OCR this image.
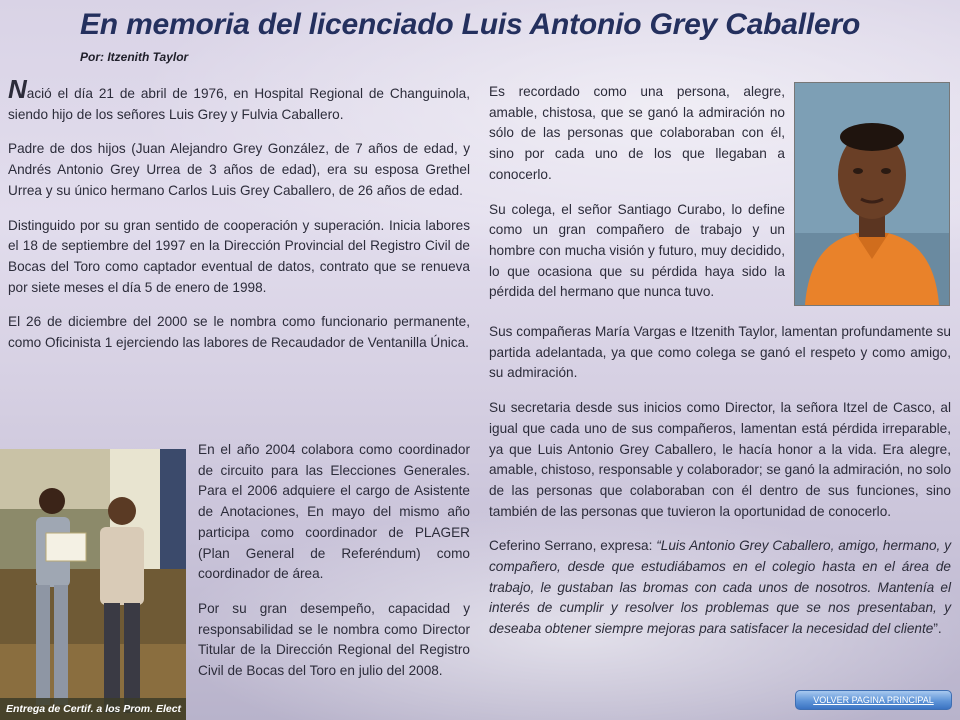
En memoria del licenciado Luis Antonio Grey Caballero
Por: Itzenith Taylor

Nació el día 21 de abril de 1976, en Hospital Regional de Changuinola, siendo hijo de los señores Luis Grey y Fulvia Caballero.

Padre de dos hijos (Juan Alejandro Grey González, de 7 años de edad, y Andrés Antonio Grey Urrea de 3 años de edad), era su esposa Grethel Urrea y su único hermano Carlos Luis Grey Caballero, de 26 años de edad.

Distinguido por su gran sentido de cooperación y superación. Inicia labores el 18 de septiembre del 1997 en la Dirección Provincial del Registro Civil de Bocas del Toro como captador eventual de datos, contrato que se renueva por siete meses el día 5 de enero de 1998.

El 26 de diciembre del 2000 se le nombra como funcionario permanente, como Oficinista 1 ejerciendo las labores de Recaudador de Ventanilla Única.

Entrega de Certif. a los Prom. Elect

En el año 2004 colabora como coordinador de circuito para las Elecciones Generales. Para el 2006 adquiere el cargo de Asistente de Anotaciones, En mayo del mismo año participa como coordinador de PLAGER (Plan General de Referéndum) como coordinador de área.

Por su gran desempeño, capacidad y responsabilidad se le nombra como Director Titular de la Dirección Regional del Registro Civil de Bocas del Toro en julio del 2008.

Es recordado como una persona, alegre, amable, chistosa, que se ganó la admiración no sólo de las personas que colaboraban con él, sino por cada uno de los que llegaban a conocerlo.

Su colega, el señor Santiago Curabo, lo define como un gran compañero de trabajo y un hombre con mucha visión y futuro, muy decidido, lo que ocasiona que su pérdida haya sido la pérdida del hermano que nunca tuvo.

Sus compañeras María Vargas e Itzenith Taylor, lamentan profundamente su partida adelantada, ya que como colega se ganó el respeto y como amigo, su admiración.

Su secretaria desde sus inicios como Director, la señora Itzel de Casco, al igual que cada uno de sus compañeros, lamentan está pérdida irreparable, ya que Luis Antonio Grey Caballero, le hacía honor a la vida. Era alegre, amable, chistoso, responsable y colaborador; se ganó la admiración, no solo de las personas que colaboraban con él dentro de sus funciones, sino también de las personas que tuvieron la oportunidad de conocerlo.

Ceferino Serrano, expresa: “Luis Antonio Grey Caballero, amigo, hermano, y compañero, desde que estudiábamos en el colegio hasta en el área de trabajo, le gustaban las bromas con cada unos de nosotros. Mantenía el interés de cumplir y resolver los problemas que se nos presentaban, y deseaba obtener siempre mejoras para satisfacer la necesidad del cliente”.

VOLVER PAGINA PRINCIPAL
